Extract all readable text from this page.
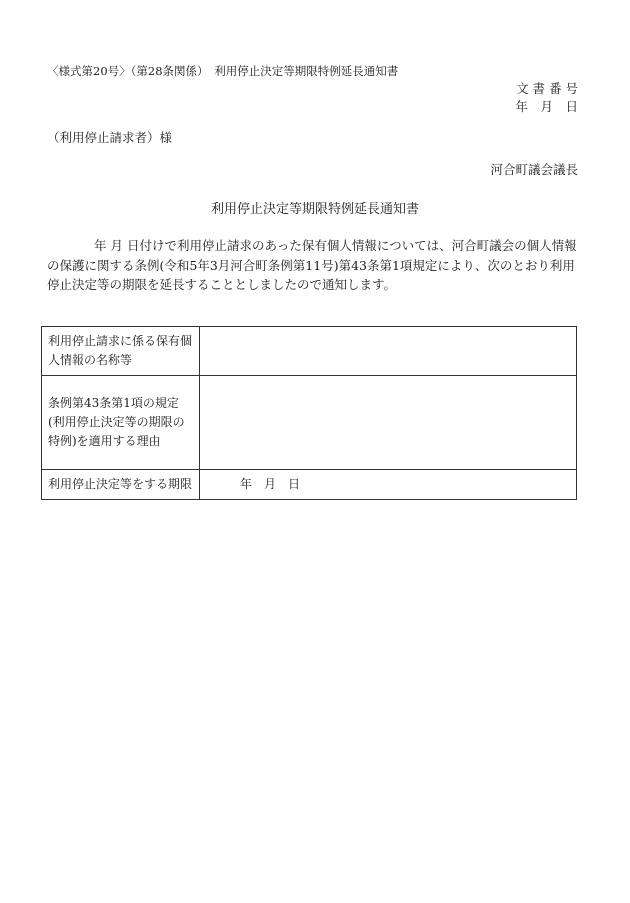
〈様式第20号〉（第28条関係）　利用停止決定等期限特例延長通知書
文 書 番 号
年　月　日
（利用停止請求者）様
河合町議会議長
利用停止決定等期限特例延長通知書
年 月 日付けで利用停止請求のあった保有個人情報については、河合町議会の個人情報の保護に関する条例(令和5年3月河合町条例第11号)第43条第1項規定により、次のとおり利用停止決定等の期限を延長することとしましたので通知します。
利用停止請求に係る保有個人情報の名称等	
条例第43条第1項の規定(利用停止決定等の期限の特例)を適用する理由	
利用停止決定等をする期限	年　月　日
